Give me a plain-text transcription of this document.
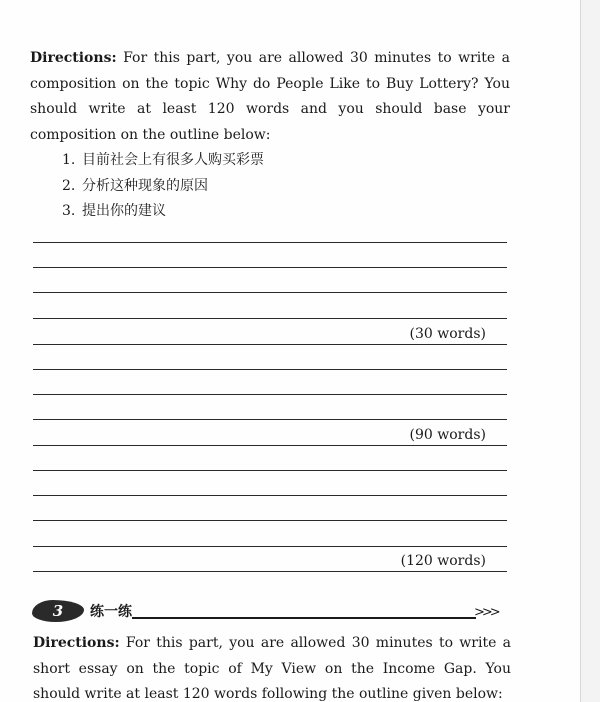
Directions: For this part, you are allowed 30 minutes to write a composition on the topic Why do People Like to Buy Lottery? You should write at least 120 words and you should base your composition on the outline below:

1. 目前社会上有很多人购买彩票
2. 分析这种现象的原因
3. 提出你的建议
(30 words)
(90 words)
(120 words)
3	练一练	>>>

Directions: For this part, you are allowed 30 minutes to write a short essay on the topic of My View on the Income Gap. You should write at least 120 words following the outline given below:
